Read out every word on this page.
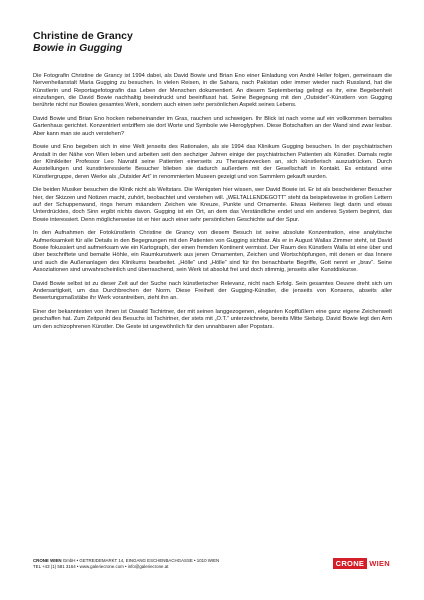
Christine de Grancy

Bowie in Gugging

Die Fotografin Christine de Grancy ist 1994 dabei, als David Bowie und Brian Eno einer Einladung von André Heller folgen, gemeinsam die Nervenheilanstalt Maria Gugging zu besuchen. In vielen Reisen, in die Sahara, nach Pakistan oder immer wieder nach Russland, hat die Künstlerin und Reportagefotografin das Leben der Menschen dokumentiert. An diesem Septembertag gelingt es ihr, eine Begebenheit einzufangen, die David Bowie nachhaltig beeindruckt und beeinflusst hat. Seine Begegnung mit den „Outsider“-Künstlern von Gugging berührte nicht nur Bowies gesamtes Werk, sondern auch einen sehr persönlichen Aspekt seines Lebens.

David Bowie und Brian Eno hocken nebeneinander im Gras, rauchen und schweigen. Ihr Blick ist nach vorne auf ein vollkommen bemaltes Gartenhaus gerichtet. Konzentriert entziffern sie dort Worte und Symbole wie Hieroglyphen. Diese Botschaften an der Wand sind zwar lesbar. Aber kann man sie auch verstehen?

Bowie und Eno begeben sich in eine Welt jenseits des Rationalen, als sie 1994 das Klinikum Gugging besuchen. In der psychiatrischen Anstalt in der Nähe von Wien leben und arbeiten seit den sechziger Jahren einige der psychiatrischen Patienten als Künstler. Damals regte der Klinikleiter Professor Leo Navratil seine Patienten einerseits zu Therapiezwecken an, sich künstlerisch auszudrücken. Durch Ausstellungen und kunstinteressierte Besucher blieben sie dadurch außerdem mit der Gesellschaft in Kontakt. Es entstand eine Künstlergruppe, deren Werke als „Outsider Art“ in renommierten Museen gezeigt und von Sammlern gekauft wurden.

Die beiden Musiker besuchen die Klinik nicht als Weltstars. Die Wenigsten hier wissen, wer David Bowie ist. Er ist als bescheidener Besucher hier, der Skizzen und Notizen macht, zuhört, beobachtet und verstehen will. „WELTALLENDEGOTT“ steht da beispielsweise in großen Lettern auf der Schuppenwand, rings herum mäandern Zeichen wie Kreuze, Punkte und Ornamente. Etwas Heiteres liegt darin und etwas Unterdrücktes, doch Sinn ergibt nichts davon. Gugging ist ein Ort, an dem das Verständliche endet und ein anderes System beginnt, das Bowie interessiert. Denn möglicherweise ist er hier auch einer sehr persönlichen Geschichte auf der Spur.

In den Aufnahmen der Fotokünstlerin Christine de Grancy von diesem Besuch ist seine absolute Konzentration, eine analytische Aufmerksamkeit für alle Details in den Begegnungen mit den Patienten von Gugging sichtbar. Als er in August Wallas Zimmer steht, ist David Bowie fokussiert und aufmerksam wie ein Kartograph, der einen fremden Kontinent vermisst. Der Raum des Künstlers Walla ist eine über und über beschriftete und bemalte Höhle, ein Raumkunstwerk aus jenen Ornamenten, Zeichen und Wortschöpfungen, mit denen er das Innere und auch die Außenanlagen des Klinikums bearbeitet. „Hölle“ und „Hölle“ sind für ihn benachbarte Begriffe, Gott nennt er „brav“. Seine Assoziationen sind unwahrscheinlich und überraschend, sein Werk ist absolut frei und doch stimmig, jenseits aller Kunstdiskurse.

David Bowie selbst ist zu dieser Zeit auf der Suche nach künstlerischer Relevanz, nicht nach Erfolg. Sein gesamtes Oeuvre dreht sich um Andersartigkeit, um das Durchbrechen der Norm. Diese Freiheit der Gugging-Künstler, die jenseits von Konsens, abseits aller Bewertungsmaßstäbe ihr Werk vorantreiben, zieht ihn an.

Einer der bekanntesten von ihnen ist Oswald Tschirtner, der mit seinen langgezogenen, eleganten Kopffüßlern eine ganz eigene Zeichenwelt geschaffen hat. Zum Zeitpunkt des Besuchs ist Tschirtner, der stets mit „O.T.“ unterzeichnete, bereits Mitte Siebzig. David Bowie legt den Arm um den schizophrenen Künstler. Die Geste ist ungewöhnlich für den unnahbaren aller Popstars.

CRONE WIEN GmbH • GETREIDEMARKT 14, EINGANG ESCHENBACHGASSE • 1010 WIEN
TEL +43 (1) 581 3164 • www.galeriecrone.com • info@galeriecrone.at	CRONE WIEN
